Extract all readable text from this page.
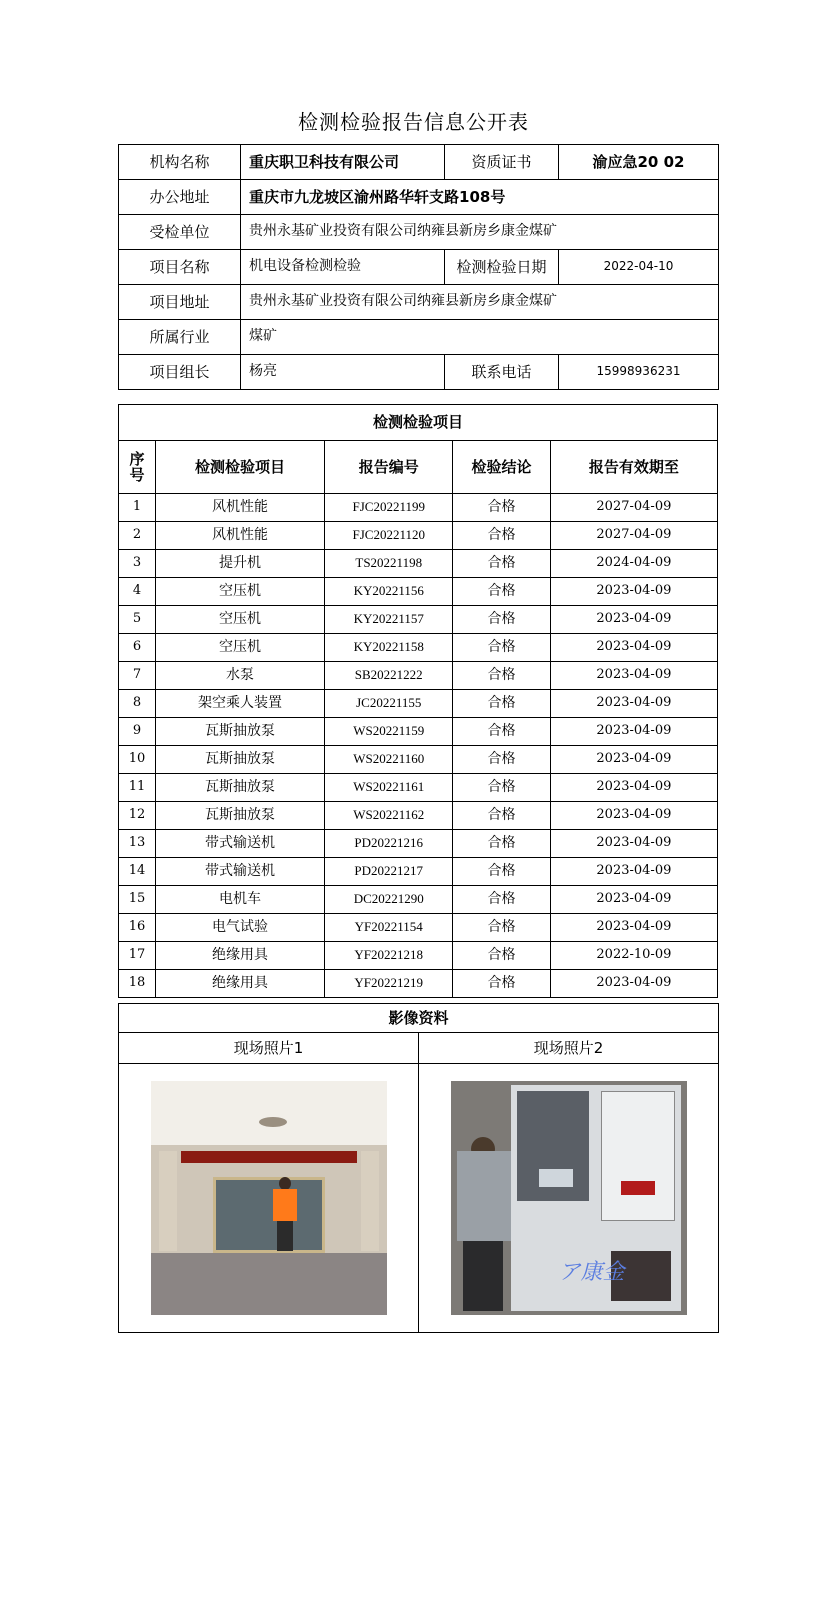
检测检验报告信息公开表
机构名称	重庆职卫科技有限公司	资质证书	渝应急20 02
办公地址	重庆市九龙坡区渝州路华轩支路108号		
受检单位	贵州永基矿业投资有限公司纳雍县新房乡康金煤矿		
项目名称	机电设备检测检验	检测检验日期	2022-04-10
项目地址	贵州永基矿业投资有限公司纳雍县新房乡康金煤矿		
所属行业	煤矿		
项目组长	杨亮	联系电话	15998936231
检测检验项目				
序号	检测检验项目	报告编号	检验结论	报告有效期至
1	风机性能	FJC20221199	合格	2027-04-09
2	风机性能	FJC20221120	合格	2027-04-09
3	提升机	TS20221198	合格	2024-04-09
4	空压机	KY20221156	合格	2023-04-09
5	空压机	KY20221157	合格	2023-04-09
6	空压机	KY20221158	合格	2023-04-09
7	水泵	SB20221222	合格	2023-04-09
8	架空乘人装置	JC20221155	合格	2023-04-09
9	瓦斯抽放泵	WS20221159	合格	2023-04-09
10	瓦斯抽放泵	WS20221160	合格	2023-04-09
11	瓦斯抽放泵	WS20221161	合格	2023-04-09
12	瓦斯抽放泵	WS20221162	合格	2023-04-09
13	带式输送机	PD20221216	合格	2023-04-09
14	带式输送机	PD20221217	合格	2023-04-09
15	电机车	DC20221290	合格	2023-04-09
16	电气试验	YF20221154	合格	2023-04-09
17	绝缘用具	YF20221218	合格	2022-10-09
18	绝缘用具	YF20221219	合格	2023-04-09
影像资料	
现场照片1	现场照片2

	ア康金
